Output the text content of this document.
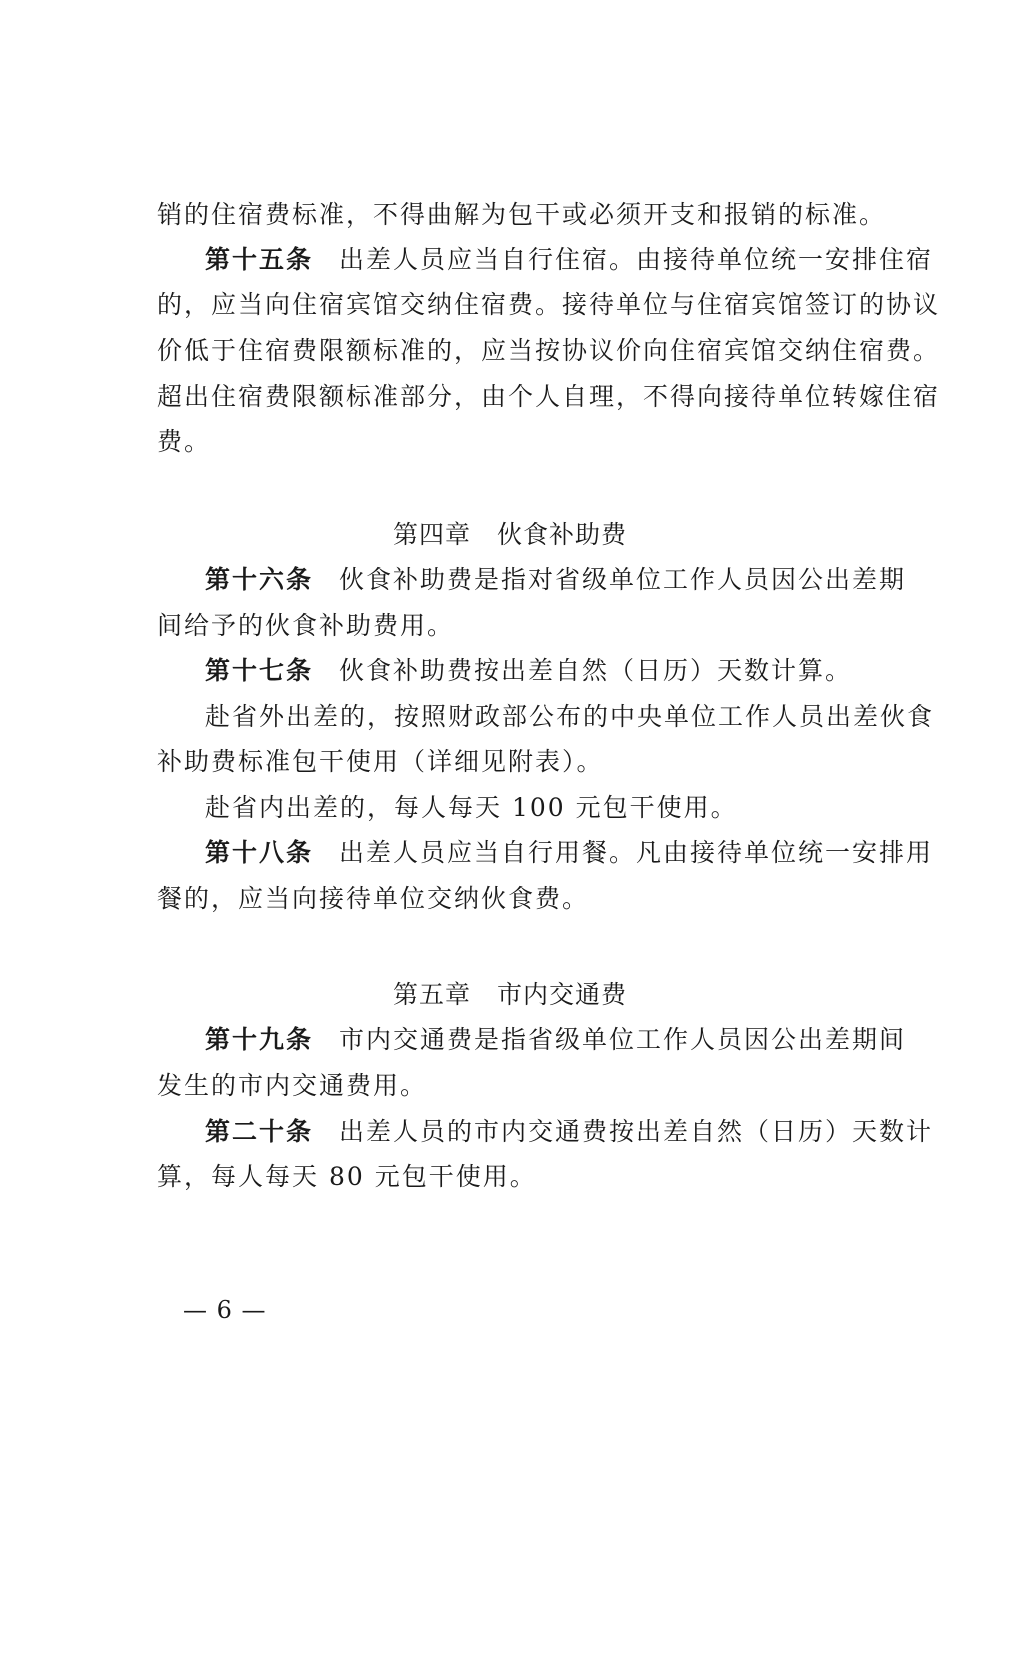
销的住宿费标准，不得曲解为包干或必须开支和报销的标准。
第十五条 出差人员应当自行住宿。由接待单位统一安排住宿
的，应当向住宿宾馆交纳住宿费。接待单位与住宿宾馆签订的协议
价低于住宿费限额标准的，应当按协议价向住宿宾馆交纳住宿费。
超出住宿费限额标准部分，由个人自理，不得向接待单位转嫁住宿
费。
第四章 伙食补助费
第十六条 伙食补助费是指对省级单位工作人员因公出差期
间给予的伙食补助费用。
第十七条 伙食补助费按出差自然（日历）天数计算。
赴省外出差的，按照财政部公布的中央单位工作人员出差伙食
补助费标准包干使用（详细见附表）。
赴省内出差的，每人每天 100 元包干使用。
第十八条 出差人员应当自行用餐。凡由接待单位统一安排用
餐的，应当向接待单位交纳伙食费。
第五章 市内交通费
第十九条 市内交通费是指省级单位工作人员因公出差期间
发生的市内交通费用。
第二十条 出差人员的市内交通费按出差自然（日历）天数计
算，每人每天 80 元包干使用。
— 6 —
